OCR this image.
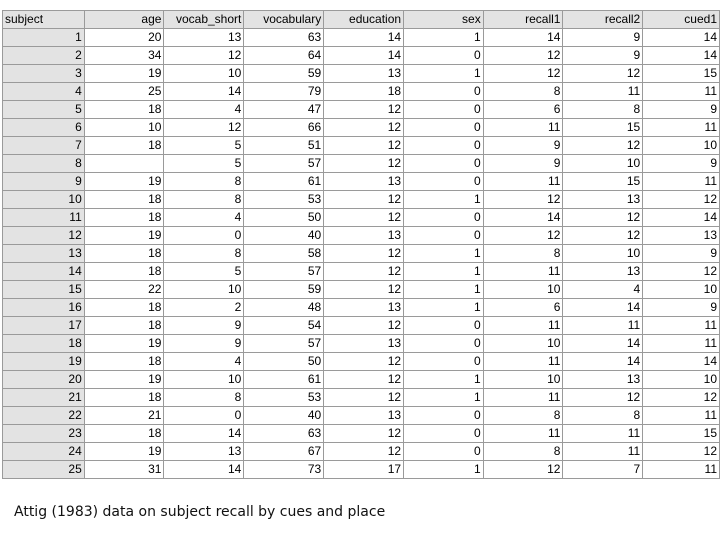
subject	age	vocab_short	vocabulary	education	sex	recall1	recall2	cued1
1	20	13	63	14	1	14	9	14
2	34	12	64	14	0	12	9	14
3	19	10	59	13	1	12	12	15
4	25	14	79	18	0	8	11	11
5	18	4	47	12	0	6	8	9
6	10	12	66	12	0	11	15	11
7	18	5	51	12	0	9	12	10
8		5	57	12	0	9	10	9
9	19	8	61	13	0	11	15	11
10	18	8	53	12	1	12	13	12
11	18	4	50	12	0	14	12	14
12	19	0	40	13	0	12	12	13
13	18	8	58	12	1	8	10	9
14	18	5	57	12	1	11	13	12
15	22	10	59	12	1	10	4	10
16	18	2	48	13	1	6	14	9
17	18	9	54	12	0	11	11	11
18	19	9	57	13	0	10	14	11
19	18	4	50	12	0	11	14	14
20	19	10	61	12	1	10	13	10
21	18	8	53	12	1	11	12	12
22	21	0	40	13	0	8	8	11
23	18	14	63	12	0	11	11	15
24	19	13	67	12	0	8	11	12
25	31	14	73	17	1	12	7	11
Attig (1983) data on subject recall by cues and place
